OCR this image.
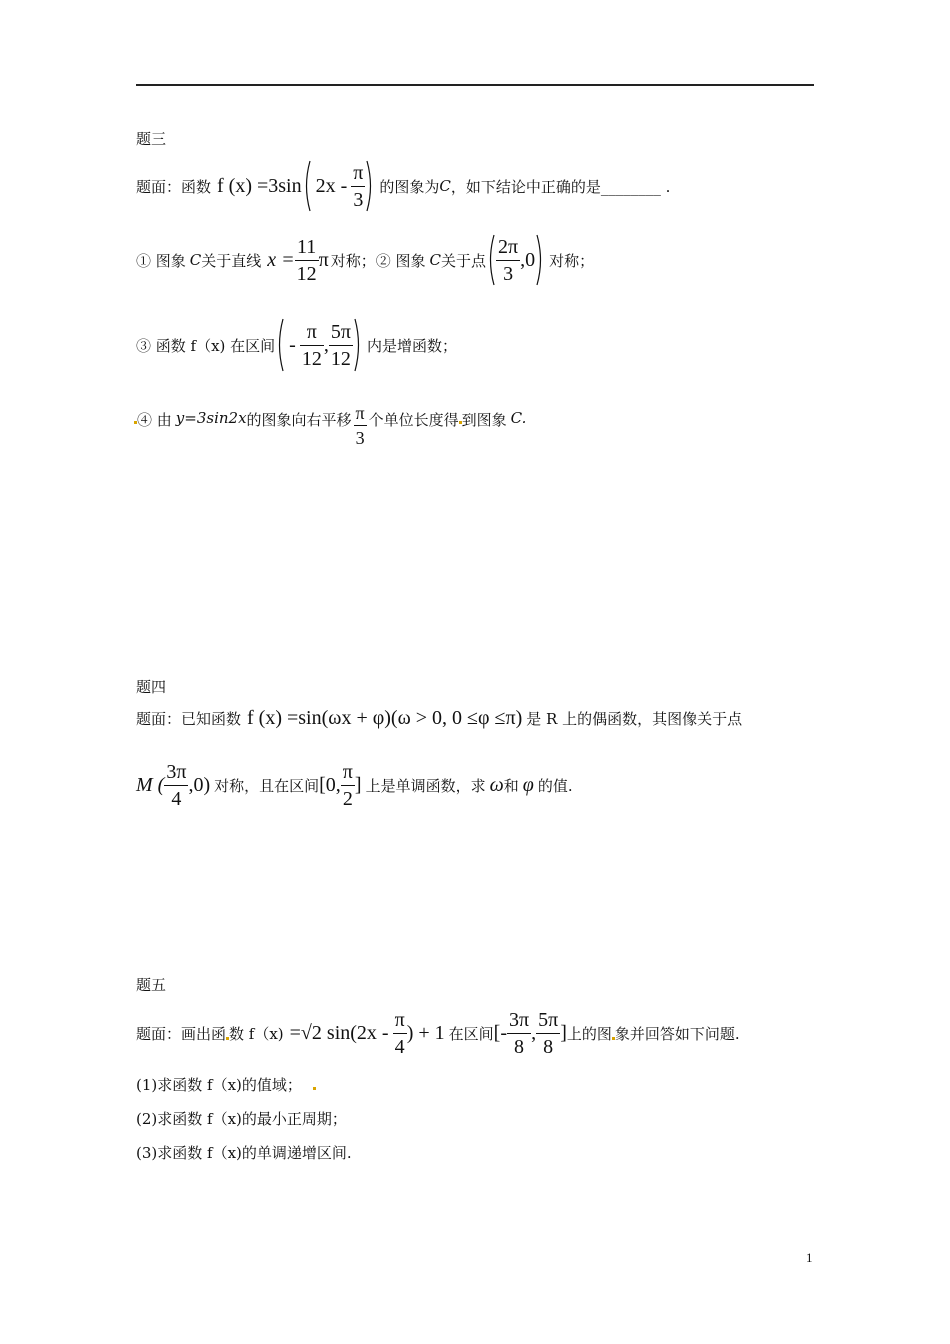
题三
题面：函数 f (x) =3sin $2x - \frac{\pi}{3}$ 的图象为 C ，如下结论中正确的是________ .
① 图象 C 关于直线 $x = \frac{11}{12}$ π 对称；② 图象 C 关于点 $\frac{2\pi}{3} ,0$ 对称；
③ 函数 f（x) 在区间 - $\frac{\pi}{12}$ , $\frac{5\pi}{12}$ 内是增函数；
④ 由 y=3sin2x 的图象向右平移 $\frac{\pi}{3}$ 个单位长度得 到图象 C.
题四
题面：已知函数 f (x) =sin(ωx + φ)(ω > 0, 0 ≤φ ≤π) 是 R 上的偶函数，其图像关于点
M ( $\frac{3\pi}{4} ,0$) 对称，且在区间 [0, $\frac{\pi}{2}$ ] 上是单调函数，求 ω 和 φ 的值.
题五
题面：画出函 数 f（x) =√2 $\sin(2x - \frac{\pi}{4}$ ) + 1 在区间 [- $\frac{3\pi}{8}$ , $\frac{5\pi}{8}$ ] 上的图 象并回答如下问题.
(1)求函数 f（x)的值域；
(2)求函数 f（x)的最小正周期；
(3)求函数 f（x)的单调递增区间.
1
